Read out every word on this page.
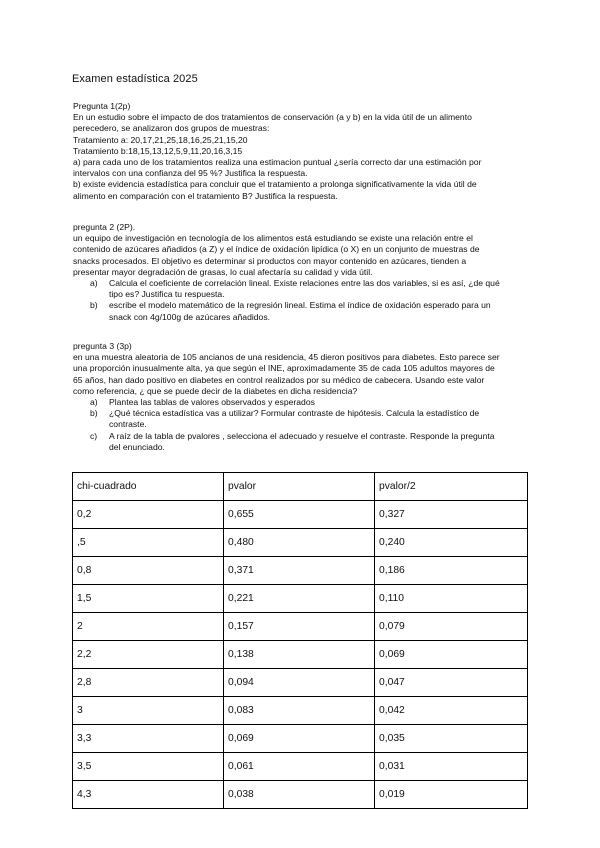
Examen estadística 2025

Pregunta 1(2p)

En un estudio sobre el impacto de dos tratamientos de conservación (a y b) en la vida útil de un alimento

perecedero, se analizaron dos grupos de muestras:

Tratamiento a: 20,17,21,25,18,16,25,21,15,20

Tratamiento b:18,15,13,12,5,9,11,20,16,3,15

a) para cada uno de los tratamientos realiza una estimacion puntual ¿sería correcto dar una estimación por

intervalos con una confianza del 95 %? Justifica la respuesta.

b) existe evidencia estadística para concluir que el tratamiento a prolonga significativamente la vida útil de

alimento en comparación con el tratamiento B? Justifica la respuesta.

pregunta 2 (2P).

un equipo de investigación en tecnología de los alimentos está estudiando se existe una relación entre el

contenido de azúcares añadidos (a Z) y el índice de oxidación lipídica (o X) en un conjunto de muestras de

snacks procesados. El objetivo es determinar si productos con mayor contenido en azúcares, tienden a

presentar mayor degradación de grasas, lo cual afectaría su calidad y vida útil.

a) Calcula el coeficiente de correlación lineal. Existe relaciones entre las dos variables, si es así, ¿de qué
tipo es? Justifica tu respuesta.
b) escribe el modelo matemático de la regresión lineal. Estima el índice de oxidación esperado para un
snack con 4g/100g de azúcares añadidos.

pregunta 3 (3p)

en una muestra aleatoria de 105 ancianos de una residencia, 45 dieron positivos para diabetes. Esto parece ser

una proporción inusualmente alta, ya que según el INE, aproximadamente 35 de cada 105 adultos mayores de

65 años, han dado positivo en diabetes en control realizados por su médico de cabecera. Usando este valor

como referencia, ¿ que se puede decir de la diabetes en dicha residencia?

a) Plantea las tablas de valores observados y esperados
b) ¿Qué técnica estadística vas a utilizar? Formular contraste de hipótesis. Calcula la estadístico de
contraste.
c) A raíz de la tabla de pvalores , selecciona el adecuado y resuelve el contraste. Responde la pregunta
del enunciado.
chi-cuadrado	pvalor	pvalor/2
0,2	0,655	0,327
,5	0,480	0,240
0,8	0,371	0,186
1,5	0,221	0,110
2	0,157	0,079
2,2	0,138	0,069
2,8	0,094	0,047
3	0,083	0,042
3,3	0,069	0,035
3,5	0,061	0,031
4,3	0,038	0,019
